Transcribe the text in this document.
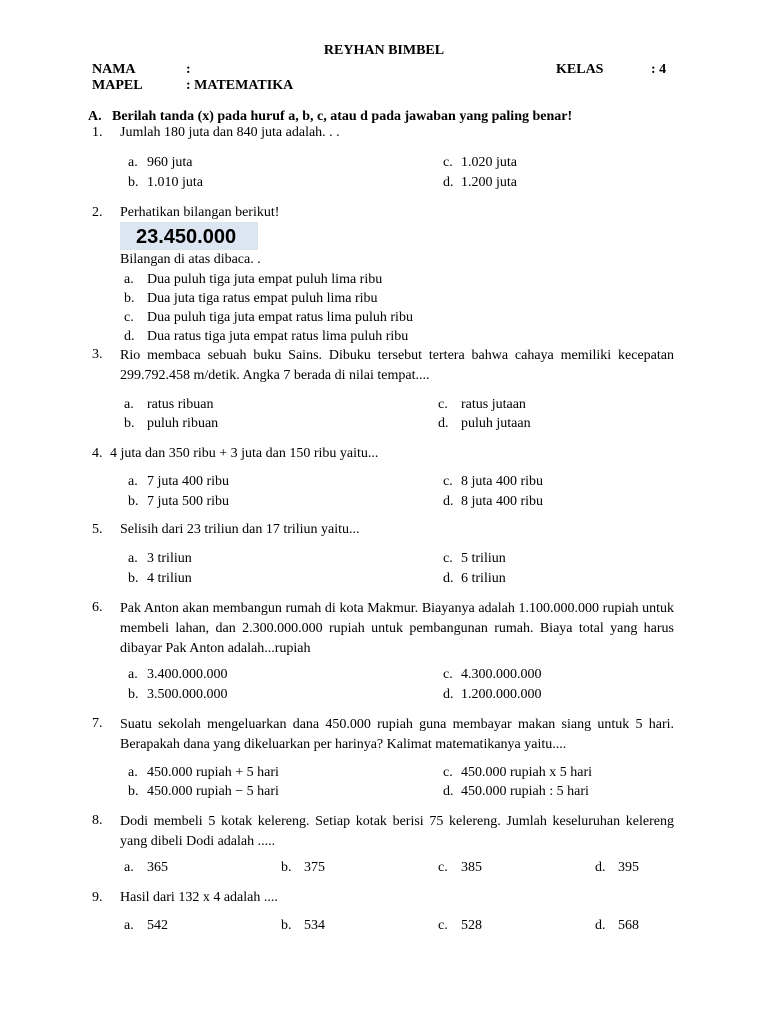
REYHAN BIMBEL
NAMA	:	KELAS	: 4
MAPEL	: MATEMATIKA
A. Berilah tanda (x) pada huruf a, b, c, atau d pada jawaban yang paling benar!
1. Jumlah 180 juta dan 840 juta adalah. . .
a. 960 juta
b. 1.010 juta
c. 1.020 juta
d. 1.200 juta
2. Perhatikan bilangan berikut!
23.450.000
Bilangan di atas dibaca. .
a. Dua puluh tiga juta empat puluh lima ribu
b. Dua juta tiga ratus empat puluh lima ribu
c. Dua puluh tiga juta empat ratus lima puluh ribu
d. Dua ratus tiga juta empat ratus lima puluh ribu
3. Rio membaca sebuah buku Sains. Dibuku tersebut tertera bahwa cahaya memiliki kecepatan 299.792.458 m/detik. Angka 7 berada di nilai tempat....
a. ratus ribuan
b. puluh ribuan
c. ratus jutaan
d. puluh jutaan
4. 4 juta dan 350 ribu + 3 juta dan 150 ribu yaitu...
a. 7 juta 400 ribu
b. 7 juta 500 ribu
c. 8 juta 400 ribu
d. 8 juta 400 ribu
5. Selisih dari 23 triliun dan 17 triliun yaitu...
a. 3 triliun
b. 4 triliun
c. 5 triliun
d. 6 triliun
6. Pak Anton akan membangun rumah di kota Makmur. Biayanya adalah 1.100.000.000 rupiah untuk membeli lahan, dan 2.300.000.000 rupiah untuk pembangunan rumah. Biaya total yang harus dibayar Pak Anton adalah...rupiah
a. 3.400.000.000
b. 3.500.000.000
c. 4.300.000.000
d. 1.200.000.000
7. Suatu sekolah mengeluarkan dana 450.000 rupiah guna membayar makan siang untuk 5 hari. Berapakah dana yang dikeluarkan per harinya? Kalimat matematikanya yaitu....
a. 450.000 rupiah + 5 hari
b. 450.000 rupiah − 5 hari
c. 450.000 rupiah x 5 hari
d. 450.000 rupiah : 5 hari
8. Dodi membeli 5 kotak kelereng. Setiap kotak berisi 75 kelereng. Jumlah keseluruhan kelereng yang dibeli Dodi adalah .....
a. 365	b. 375	c. 385	d. 395
9. Hasil dari 132 x 4 adalah ....
a. 542	b. 534	c. 528	d. 568
